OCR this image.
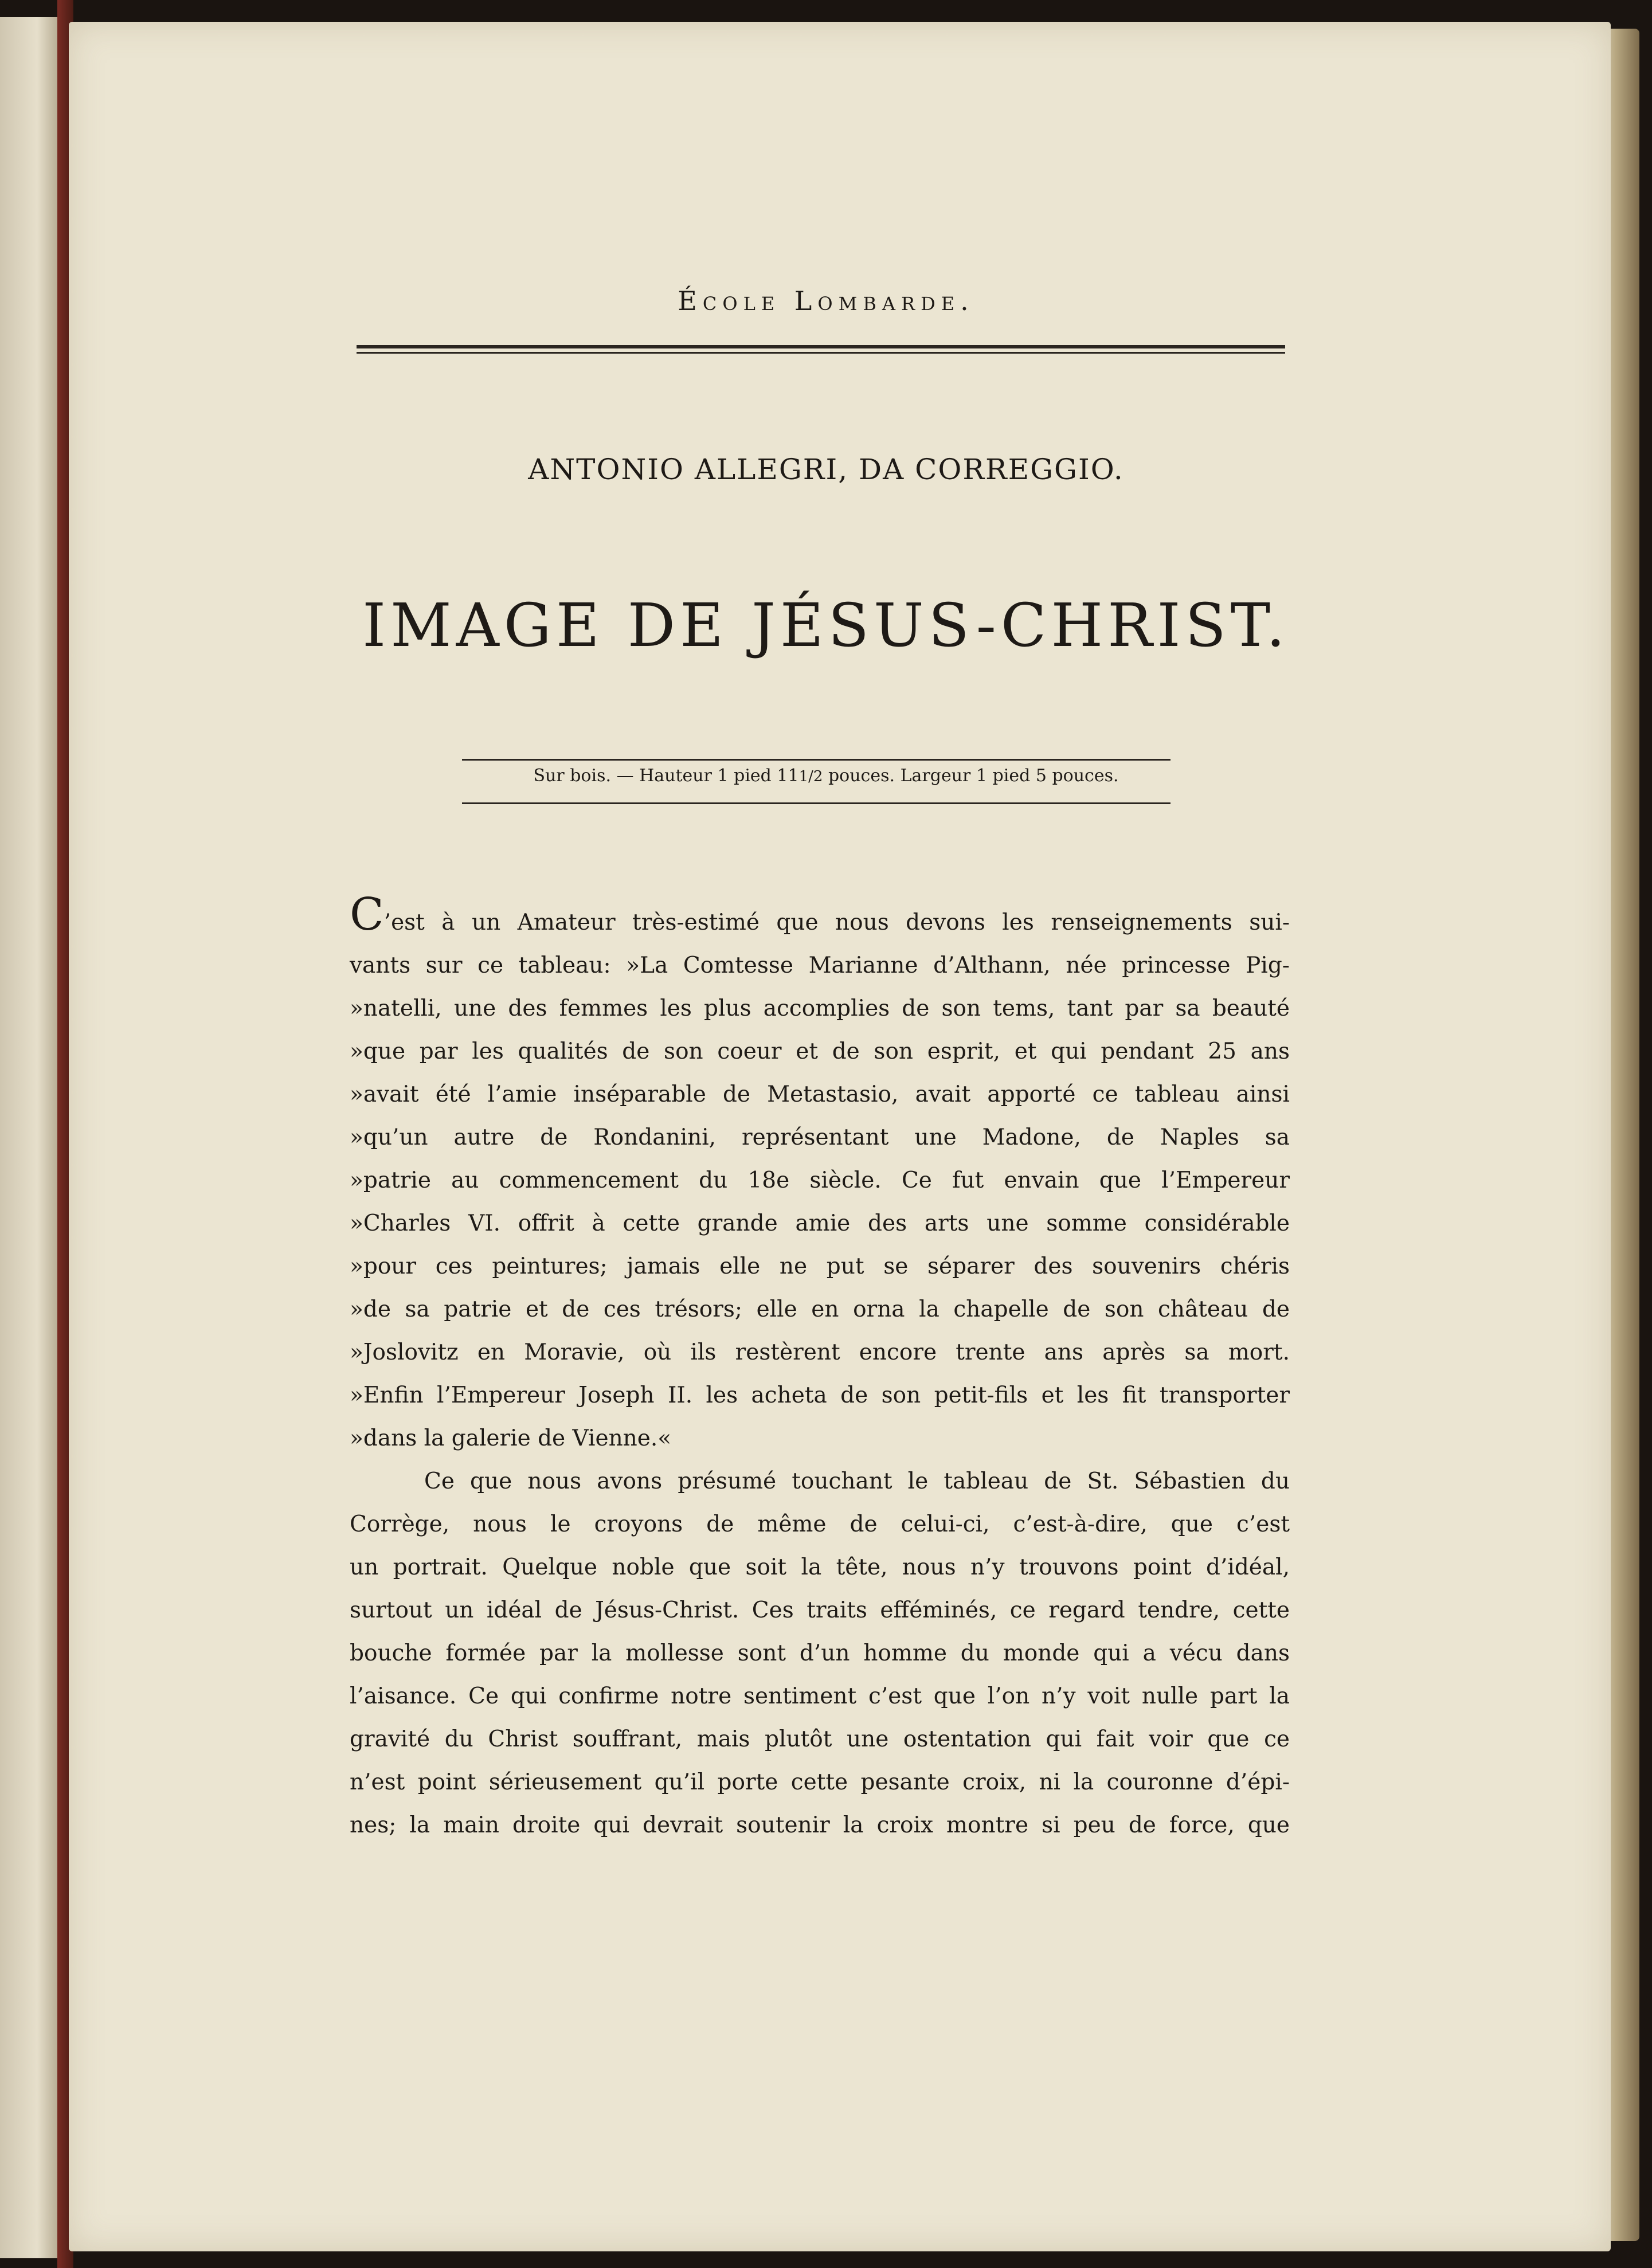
École Lombarde.
ANTONIO ALLEGRI, DA CORREGGIO.
IMAGE DE JÉSUS-CHRIST.
Sur bois. — Hauteur 1 pied 111/2 pouces. Largeur 1 pied 5 pouces.
C’est à un Amateur très-estimé que nous devons les renseignements sui-
vants sur ce tableau: »La Comtesse Marianne d’Althann, née princesse Pig-
»natelli, une des femmes les plus accomplies de son tems, tant par sa beauté
»que par les qualités de son coeur et de son esprit, et qui pendant 25 ans
»avait été l’amie inséparable de Metastasio, avait apporté ce tableau ainsi
»qu’un autre de Rondanini, représentant une Madone, de Naples sa
»patrie au commencement du 18e siècle. Ce fut envain que l’Empereur
»Charles VI. offrit à cette grande amie des arts une somme considérable
»pour ces peintures; jamais elle ne put se séparer des souvenirs chéris
»de sa patrie et de ces trésors; elle en orna la chapelle de son château de
»Joslovitz en Moravie, où ils restèrent encore trente ans après sa mort.
»Enfin l’Empereur Joseph II. les acheta de son petit-fils et les fit transporter
»dans la galerie de Vienne.«
Ce que nous avons présumé touchant le tableau de St. Sébastien du
Corrège, nous le croyons de même de celui-ci, c’est-à-dire, que c’est
un portrait. Quelque noble que soit la tête, nous n’y trouvons point d’idéal,
surtout un idéal de Jésus-Christ. Ces traits efféminés, ce regard tendre, cette
bouche formée par la mollesse sont d’un homme du monde qui a vécu dans
l’aisance. Ce qui confirme notre sentiment c’est que l’on n’y voit nulle part la
gravité du Christ souffrant, mais plutôt une ostentation qui fait voir que ce
n’est point sérieusement qu’il porte cette pesante croix, ni la couronne d’épi-
nes; la main droite qui devrait soutenir la croix montre si peu de force, que
